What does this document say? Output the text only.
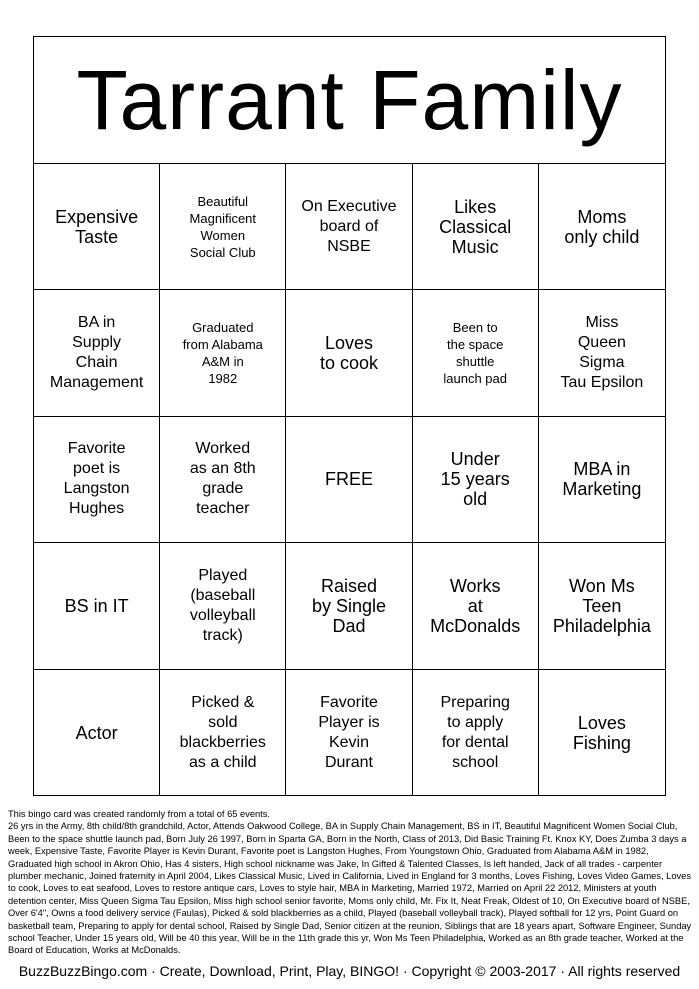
Tarrant Family
Expensive
Taste
Beautiful
Magnificent
Women
Social Club
On Executive
board of
NSBE
Likes
Classical
Music
Moms
only child
BA in
Supply
Chain
Management
Graduated
from Alabama
A&M in
1982
Loves
to cook
Been to
the space
shuttle
launch pad
Miss
Queen
Sigma
Tau Epsilon
Favorite
poet is
Langston
Hughes
Worked
as an 8th
grade
teacher
FREE
Under
15 years
old
MBA in
Marketing
BS in IT
Played
(baseball
volleyball
track)
Raised
by Single
Dad
Works
at
McDonalds
Won Ms
Teen
Philadelphia
Actor
Picked &
sold
blackberries
as a child
Favorite
Player is
Kevin
Durant
Preparing
to apply
for dental
school
Loves
Fishing

This bingo card was created randomly from a total of 65 events.

26 yrs in the Army, 8th child/8th grandchild, Actor, Attends Oakwood College, BA in Supply Chain Management, BS in IT, Beautiful Magnificent Women Social Club, Been to the space shuttle launch pad, Born July 26 1997, Born in Sparta GA, Born in the North, Class of 2013, Did Basic Training Ft. Knox KY, Does Zumba 3 days a week, Expensive Taste, Favorite Player is Kevin Durant, Favorite poet is Langston Hughes, From Youngstown Ohio, Graduated from Alabama A&M in 1982, Graduated high school in Akron Ohio, Has 4 sisters, High school nickname was Jake, In Gifted & Talented Classes, Is left handed, Jack of all trades - carpenter plumber mechanic, Joined fraternity in April 2004, Likes Classical Music, Lived in California, Lived in England for 3 months, Loves Fishing, Loves Video Games, Loves to cook, Loves to eat seafood, Loves to restore antique cars, Loves to style hair, MBA in Marketing, Married 1972, Married on April 22 2012, Ministers at youth detention center, Miss Queen Sigma Tau Epsilon, Miss high school senior favorite, Moms only child, Mr. Fix It, Neat Freak, Oldest of 10, On Executive board of NSBE, Over 6'4", Owns a food delivery service (Faulas), Picked & sold blackberries as a child, Played (baseball volleyball track), Played softball for 12 yrs, Point Guard on basketball team, Preparing to apply for dental school, Raised by Single Dad, Senior citizen at the reunion, Siblings that are 18 years apart, Software Engineer, Sunday school Teacher, Under 15 years old, Will be 40 this year, Will be in the 11th grade this yr, Won Ms Teen Philadelphia, Worked as an 8th grade teacher, Worked at the Board of Education, Works at McDonalds.

BuzzBuzzBingo.com · Create, Download, Print, Play, BINGO! · Copyright © 2003-2017 · All rights reserved
